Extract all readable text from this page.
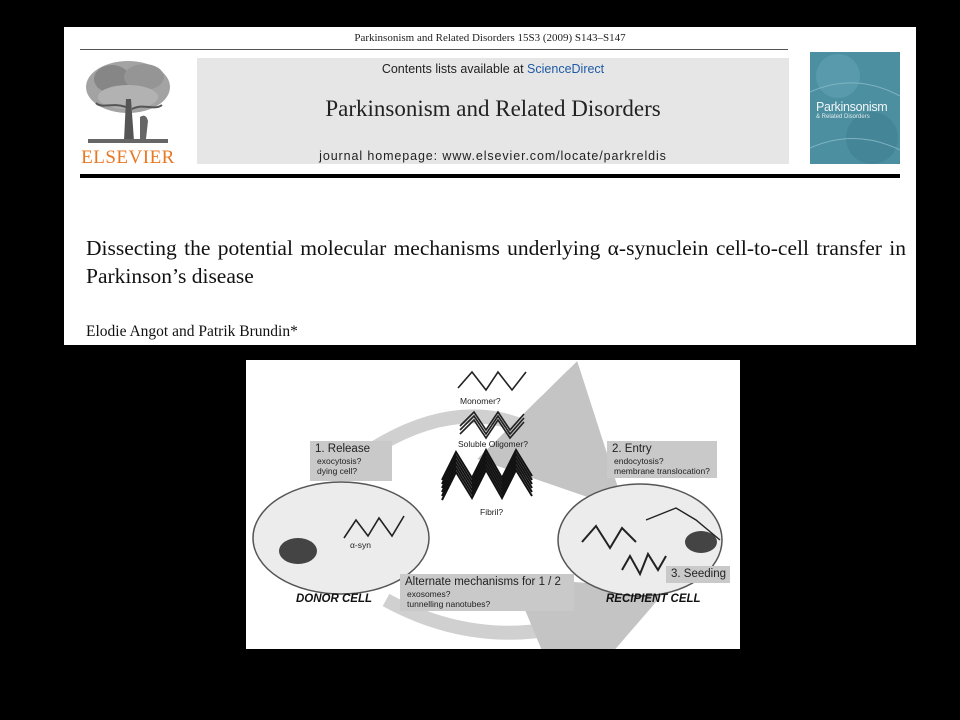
Parkinsonism and Related Disorders 15S3 (2009) S143–S147
ELSEVIER
Contents lists available at ScienceDirect
Parkinsonism and Related Disorders
journal homepage: www.elsevier.com/locate/parkreldis
Parkinsonism
& Related Disorders
Dissecting the potential molecular mechanisms underlying α-synuclein cell-to-cell transfer in Parkinson’s disease
Elodie Angot and Patrik Brundin*
Monomer?
Soluble Oligomer?
Fibril?
α-syn
1. Release
exocytosis?
dying cell?
2. Entry
endocytosis?
membrane translocation?
Alternate mechanisms for 1 / 2
exosomes?
tunnelling nanotubes?
3. Seeding
DONOR CELL	RECIPIENT CELL
